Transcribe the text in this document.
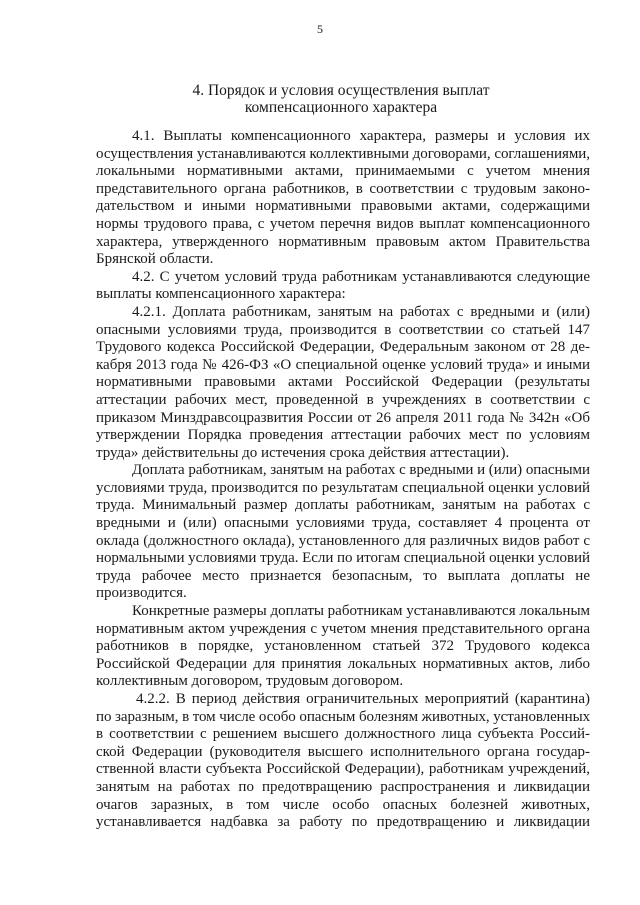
5
4. Порядок и условия осуществления выплат
компенсационного характера
4.1. Выплаты компенсационного характера, размеры и условия их
осуществления устанавливаются коллективными договорами, соглашениями,
локальными нормативными актами, принимаемыми с учетом мнения
представительного органа работников, в соответствии с трудовым законо-
дательством и иными нормативными правовыми актами, содержащими
нормы трудового права, с учетом перечня видов выплат компенсационного
характера, утвержденного нормативным правовым актом Правительства
Брянской области.
4.2. С учетом условий труда работникам устанавливаются следующие
выплаты компенсационного характера:
4.2.1. Доплата работникам, занятым на работах с вредными и (или)
опасными условиями труда, производится в соответствии со статьей 147
Трудового кодекса Российской Федерации, Федеральным законом от 28 де-
кабря 2013 года № 426-ФЗ «О специальной оценке условий труда» и иными
нормативными правовыми актами Российской Федерации (результаты
аттестации рабочих мест, проведенной в учреждениях в соответствии с
приказом Минздравсоцразвития России от 26 апреля 2011 года № 342н «Об
утверждении Порядка проведения аттестации рабочих мест по условиям
труда» действительны до истечения срока действия аттестации).
Доплата работникам, занятым на работах с вредными и (или) опасными
условиями труда, производится по результатам специальной оценки условий
труда. Минимальный размер доплаты работникам, занятым на работах с
вредными и (или) опасными условиями труда, составляет 4 процента от
оклада (должностного оклада), установленного для различных видов работ с
нормальными условиями труда. Если по итогам специальной оценки условий
труда рабочее место признается безопасным, то выплата доплаты не
производится.
Конкретные размеры доплаты работникам устанавливаются локальным
нормативным актом учреждения с учетом мнения представительного органа
работников в порядке, установленном статьей 372 Трудового кодекса
Российской Федерации для принятия локальных нормативных актов, либо
коллективным договором, трудовым договором.
4.2.2. В период действия ограничительных мероприятий (карантина)
по заразным, в том числе особо опасным болезням животных, установленных
в соответствии с решением высшего должностного лица субъекта Россий-
ской Федерации (руководителя высшего исполнительного органа государ-
ственной власти субъекта Российской Федерации), работникам учреждений,
занятым на работах по предотвращению распространения и ликвидации
очагов заразных, в том числе особо опасных болезней животных,
устанавливается надбавка за работу по предотвращению и ликвидации
